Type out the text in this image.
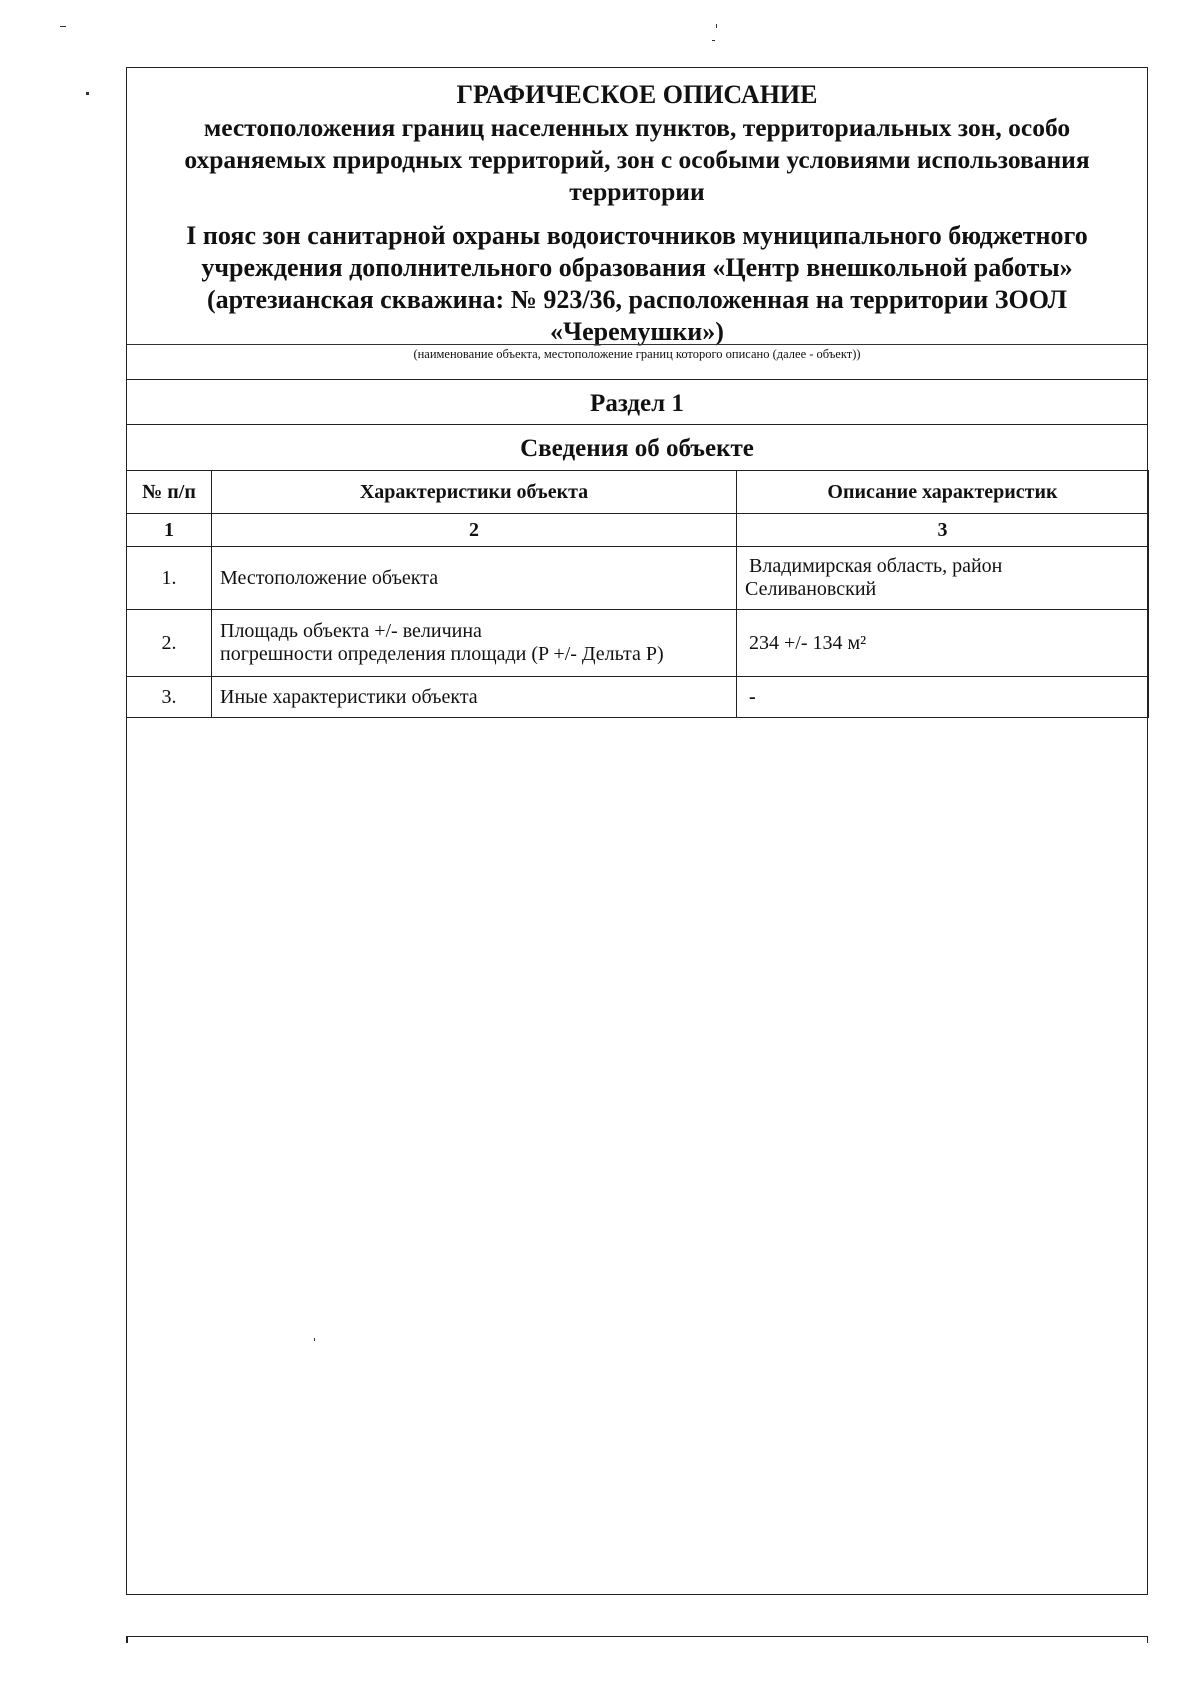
ГРАФИЧЕСКОЕ ОПИСАНИЕ
местоположения границ населенных пунктов, территориальных зон, особо
охраняемых природных территорий, зон с особыми условиями использования
территории
I пояс зон санитарной охраны водоисточников муниципального бюджетного
учреждения дополнительного образования «Центр внешкольной работы»
(артезианская скважина: № 923/36, расположенная на территории ЗООЛ
«Черемушки»)
(наименование объекта, местоположение границ которого описано (далее - объект))
Раздел 1
Сведения об объекте
№ п/п	Характеристики объекта	Описание характеристик
1	2	3
1.	Местоположение объекта	Владимирская область, район
Селивановский

2.	Площадь объекта +/- величина
погрешности определения площади (P +/- Дельта P)	234 +/- 134 м²

3.	Иные характеристики объекта	-
